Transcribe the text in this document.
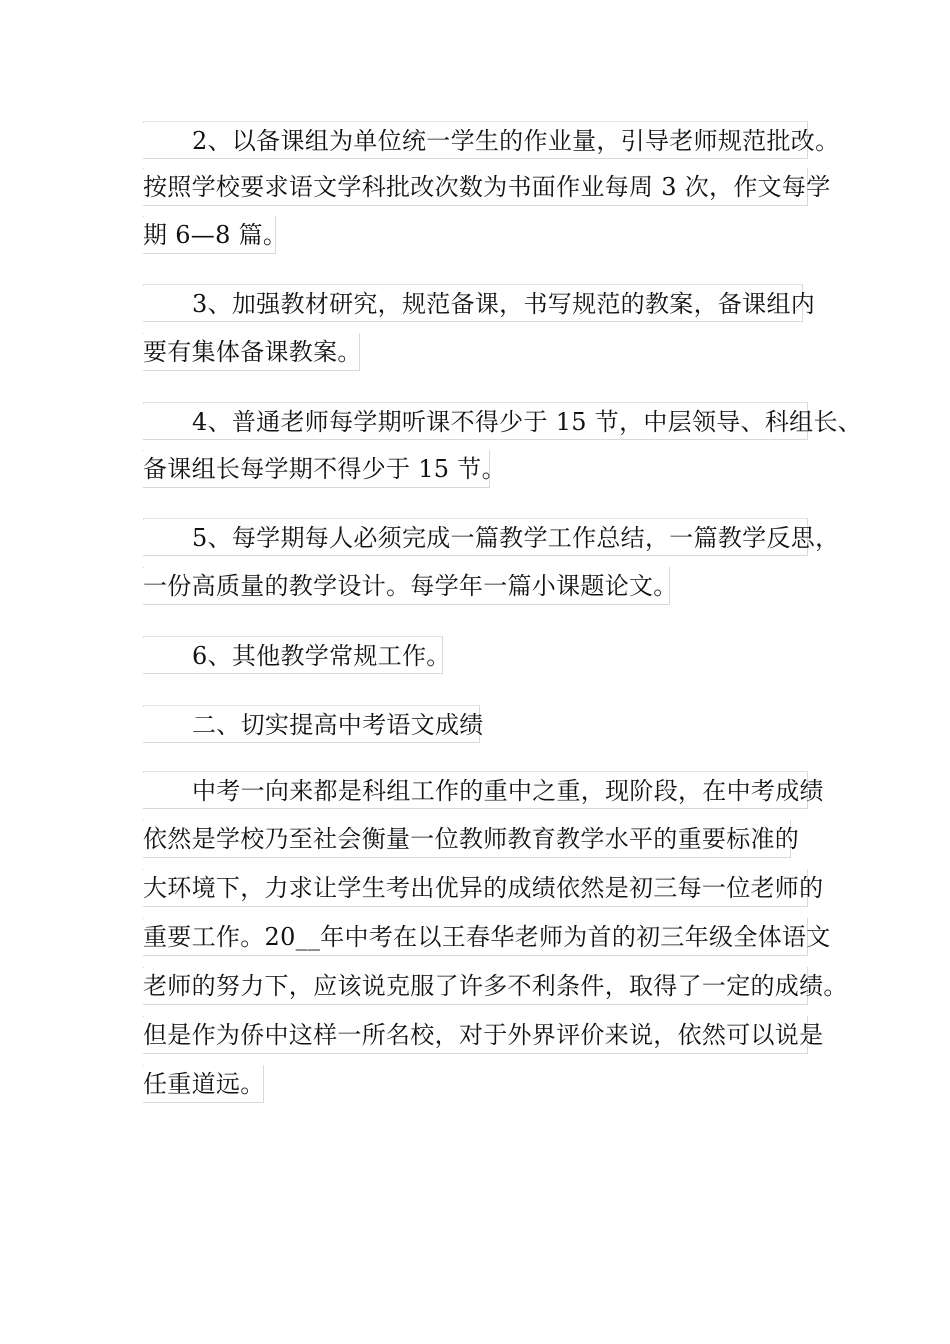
2、以备课组为单位统一学生的作业量，引导老师规范批改。
按照学校要求语文学科批改次数为书面作业每周 3 次，作文每学
期 6—8 篇。
3、加强教材研究，规范备课，书写规范的教案，备课组内
要有集体备课教案。
4、普通老师每学期听课不得少于 15 节，中层领导、科组长、
备课组长每学期不得少于 15 节。
5、每学期每人必须完成一篇教学工作总结，一篇教学反思，
一份高质量的教学设计。每学年一篇小课题论文。
6、其他教学常规工作。
二、切实提高中考语文成绩
中考一向来都是科组工作的重中之重，现阶段，在中考成绩
依然是学校乃至社会衡量一位教师教育教学水平的重要标准的
大环境下，力求让学生考出优异的成绩依然是初三每一位老师的
重要工作。20__年中考在以王春华老师为首的初三年级全体语文
老师的努力下，应该说克服了许多不利条件，取得了一定的成绩。
但是作为侨中这样一所名校，对于外界评价来说，依然可以说是
任重道远。
